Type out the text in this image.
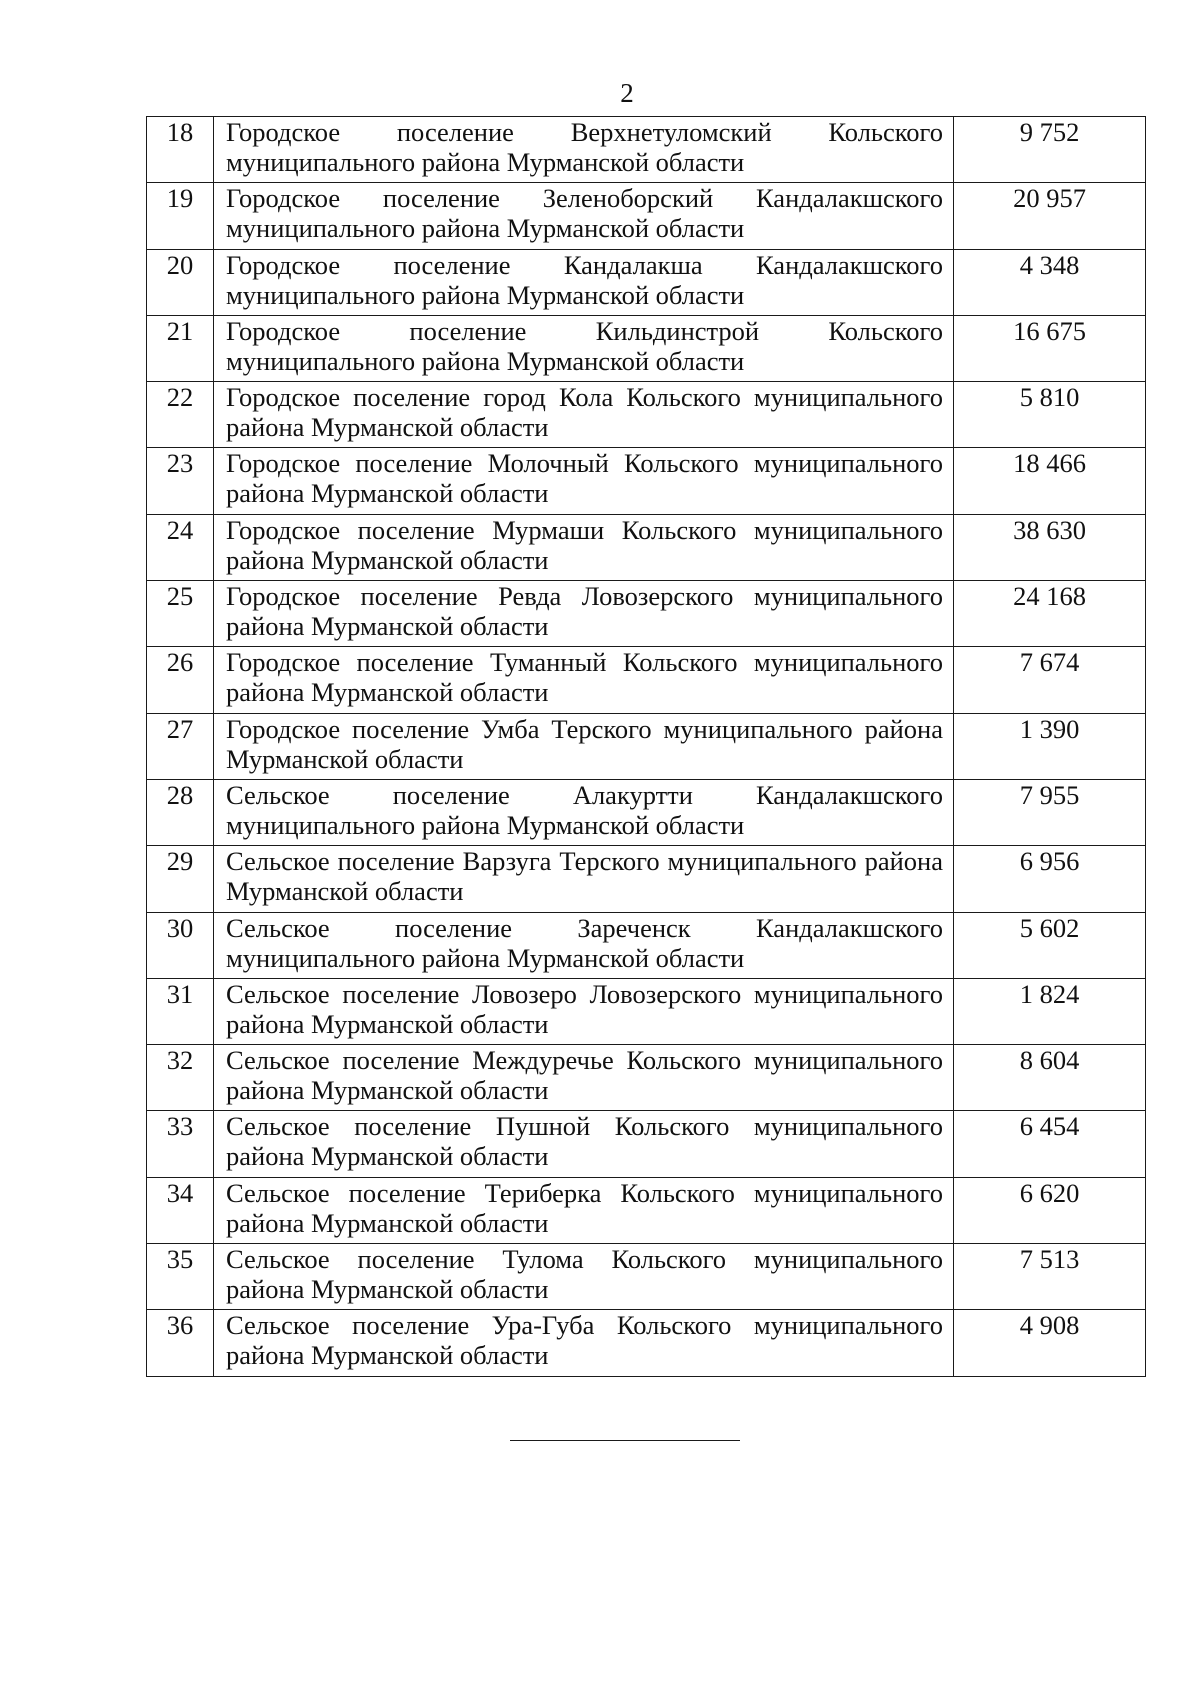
2
18	Городское поселение Верхнетуломский Кольского муниципального района Мурманской области	9 752
19	Городское поселение Зеленоборский Кандалакшского муниципального района Мурманской области	20 957
20	Городское поселение Кандалакша Кандалакшского муниципального района Мурманской области	4 348
21	Городское поселение Кильдинстрой Кольского муниципального района Мурманской области	16 675
22	Городское поселение город Кола Кольского муниципального района Мурманской области	5 810
23	Городское поселение Молочный Кольского муниципального района Мурманской области	18 466
24	Городское поселение Мурмаши Кольского муниципального района Мурманской области	38 630
25	Городское поселение Ревда Ловозерского муниципального района Мурманской области	24 168
26	Городское поселение Туманный Кольского муниципального района Мурманской области	7 674
27	Городское поселение Умба Терского муниципального района Мурманской области	1 390
28	Сельское поселение Алакуртти Кандалакшского муниципального района Мурманской области	7 955
29	Сельское поселение Варзуга Терского муниципального района Мурманской области	6 956
30	Сельское поселение Зареченск Кандалакшского муниципального района Мурманской области	5 602
31	Сельское поселение Ловозеро Ловозерского муниципального района Мурманской области	1 824
32	Сельское поселение Междуречье Кольского муниципального района Мурманской области	8 604
33	Сельское поселение Пушной Кольского муниципального района Мурманской области	6 454
34	Сельское поселение Териберка Кольского муниципального района Мурманской области	6 620
35	Сельское поселение Тулома Кольского муниципального района Мурманской области	7 513
36	Сельское поселение Ура-Губа Кольского муниципального района Мурманской области	4 908
